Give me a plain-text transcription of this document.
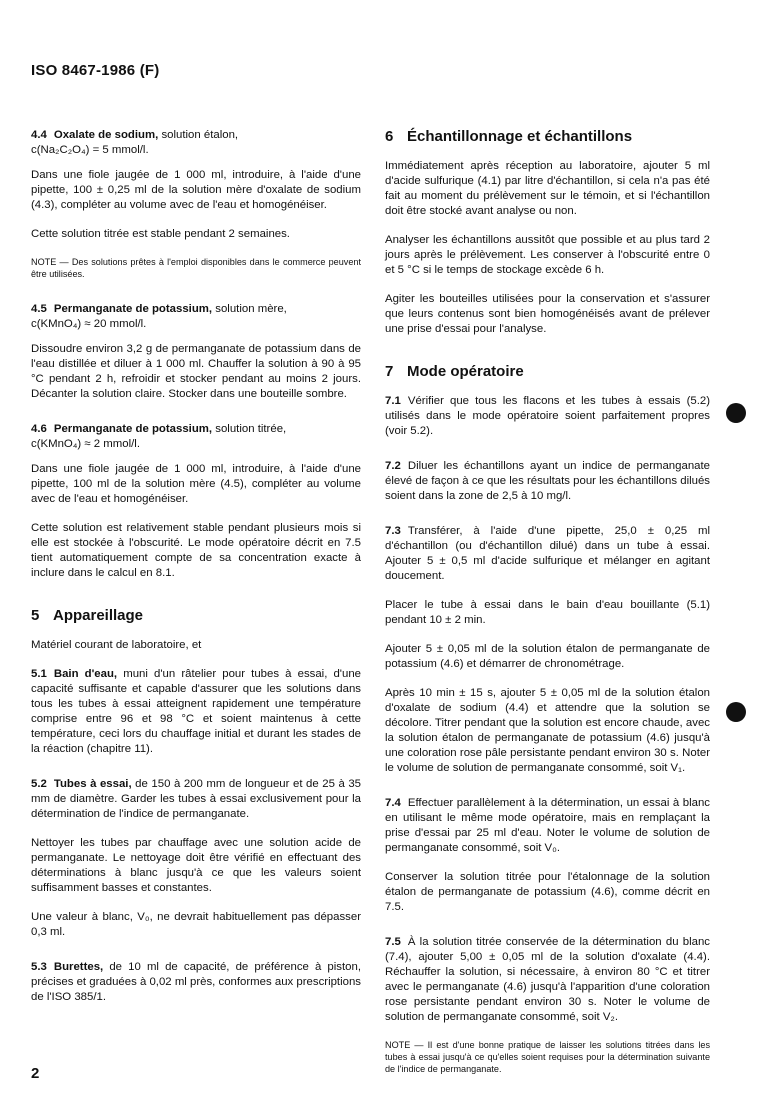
ISO 8467-1986 (F)

4.4 Oxalate de sodium, solution étalon,
c(Na₂C₂O₄) = 5 mmol/l.

Dans une fiole jaugée de 1 000 ml, introduire, à l'aide d'une pipette, 100 ± 0,25 ml de la solution mère d'oxalate de sodium (4.3), compléter au volume avec de l'eau et homogénéiser.

Cette solution titrée est stable pendant 2 semaines.

NOTE — Des solutions prêtes à l'emploi disponibles dans le commerce peuvent être utilisées.

4.5 Permanganate de potassium, solution mère,
c(KMnO₄) ≈ 20 mmol/l.

Dissoudre environ 3,2 g de permanganate de potassium dans de l'eau distillée et diluer à 1 000 ml. Chauffer la solution à 90 à 95 °C pendant 2 h, refroidir et stocker pendant au moins 2 jours. Décanter la solution claire. Stocker dans une bouteille sombre.

4.6 Permanganate de potassium, solution titrée,
c(KMnO₄) ≈ 2 mmol/l.

Dans une fiole jaugée de 1 000 ml, introduire, à l'aide d'une pipette, 100 ml de la solution mère (4.5), compléter au volume avec de l'eau et homogénéiser.

Cette solution est relativement stable pendant plusieurs mois si elle est stockée à l'obscurité. Le mode opératoire décrit en 7.5 tient automatiquement compte de sa concentration exacte à inclure dans le calcul en 8.1.

5 Appareillage

Matériel courant de laboratoire, et

5.1 Bain d'eau, muni d'un râtelier pour tubes à essai, d'une capacité suffisante et capable d'assurer que les solutions dans tous les tubes à essai atteignent rapidement une température comprise entre 96 et 98 °C et soient maintenus à cette température, ceci lors du chauffage initial et durant les stades de la réaction (chapitre 11).

5.2 Tubes à essai, de 150 à 200 mm de longueur et de 25 à 35 mm de diamètre. Garder les tubes à essai exclusivement pour la détermination de l'indice de permanganate.

Nettoyer les tubes par chauffage avec une solution acide de permanganate. Le nettoyage doit être vérifié en effectuant des déterminations à blanc jusqu'à ce que les valeurs soient suffisamment basses et constantes.

Une valeur à blanc, V₀, ne devrait habituellement pas dépasser 0,3 ml.

5.3 Burettes, de 10 ml de capacité, de préférence à piston, précises et graduées à 0,02 ml près, conformes aux prescriptions de l'ISO 385/1.

6 Échantillonnage et échantillons

Immédiatement après réception au laboratoire, ajouter 5 ml d'acide sulfurique (4.1) par litre d'échantillon, si cela n'a pas été fait au moment du prélèvement sur le témoin, et si l'échantillon doit être stocké avant analyse ou non.

Analyser les échantillons aussitôt que possible et au plus tard 2 jours après le prélèvement. Les conserver à l'obscurité entre 0 et 5 °C si le temps de stockage excède 6 h.

Agiter les bouteilles utilisées pour la conservation et s'assurer que leurs contenus sont bien homogénéisés avant de prélever une prise d'essai pour l'analyse.

7 Mode opératoire

7.1 Vérifier que tous les flacons et les tubes à essais (5.2) utilisés dans le mode opératoire soient parfaitement propres (voir 5.2).

7.2 Diluer les échantillons ayant un indice de permanganate élevé de façon à ce que les résultats pour les échantillons dilués soient dans la zone de 2,5 à 10 mg/l.

7.3 Transférer, à l'aide d'une pipette, 25,0 ± 0,25 ml d'échantillon (ou d'échantillon dilué) dans un tube à essai. Ajouter 5 ± 0,5 ml d'acide sulfurique et mélanger en agitant doucement.

Placer le tube à essai dans le bain d'eau bouillante (5.1) pendant 10 ± 2 min.

Ajouter 5 ± 0,05 ml de la solution étalon de permanganate de potassium (4.6) et démarrer de chronométrage.

Après 10 min ± 15 s, ajouter 5 ± 0,05 ml de la solution étalon d'oxalate de sodium (4.4) et attendre que la solution se décolore. Titrer pendant que la solution est encore chaude, avec la solution étalon de permanganate de potassium (4.6) jusqu'à une coloration rose pâle persistante pendant environ 30 s. Noter le volume de solution de permanganate consommé, soit V₁.

7.4 Effectuer parallèlement à la détermination, un essai à blanc en utilisant le même mode opératoire, mais en remplaçant la prise d'essai par 25 ml d'eau. Noter le volume de solution de permanganate consommé, soit V₀.

Conserver la solution titrée pour l'étalonnage de la solution étalon de permanganate de potassium (4.6), comme décrit en 7.5.

7.5 À la solution titrée conservée de la détermination du blanc (7.4), ajouter 5,00 ± 0,05 ml de la solution d'oxalate (4.4). Réchauffer la solution, si nécessaire, à environ 80 °C et titrer avec le permanganate (4.6) jusqu'à l'apparition d'une coloration rose persistante pendant environ 30 s. Noter le volume de solution de permanganate consommé, soit V₂.

NOTE — Il est d'une bonne pratique de laisser les solutions titrées dans les tubes à essai jusqu'à ce qu'elles soient requises pour la détermination suivante de l'indice de permanganate.

2
